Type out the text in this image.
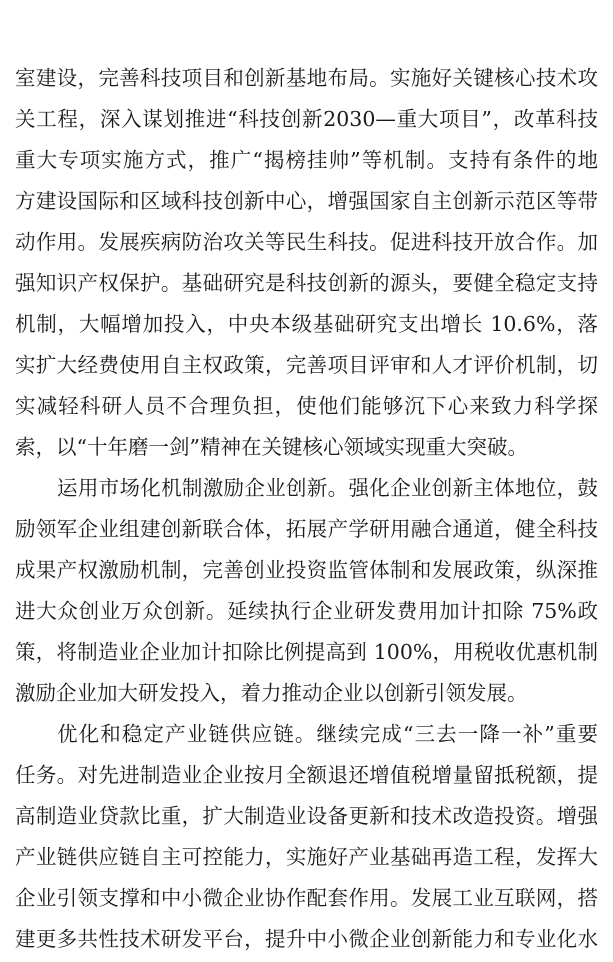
室建设，完善科技项目和创新基地布局。实施好关键核心技术攻
关工程，深入谋划推进“科技创新2030—重大项目”，改革科技
重大专项实施方式，推广“揭榜挂帅”等机制。支持有条件的地
方建设国际和区域科技创新中心，增强国家自主创新示范区等带
动作用。发展疾病防治攻关等民生科技。促进科技开放合作。加
强知识产权保护。基础研究是科技创新的源头，要健全稳定支持
机制，大幅增加投入，中央本级基础研究支出增长 10.6%，落
实扩大经费使用自主权政策，完善项目评审和人才评价机制，切
实减轻科研人员不合理负担，使他们能够沉下心来致力科学探
索，以“十年磨一剑”精神在关键核心领域实现重大突破。
运用市场化机制激励企业创新。强化企业创新主体地位，鼓
励领军企业组建创新联合体，拓展产学研用融合通道，健全科技
成果产权激励机制，完善创业投资监管体制和发展政策，纵深推
进大众创业万众创新。延续执行企业研发费用加计扣除 75%政
策，将制造业企业加计扣除比例提高到 100%，用税收优惠机制
激励企业加大研发投入，着力推动企业以创新引领发展。
优化和稳定产业链供应链。继续完成“三去一降一补”重要
任务。对先进制造业企业按月全额退还增值税增量留抵税额，提
高制造业贷款比重，扩大制造业设备更新和技术改造投资。增强
产业链供应链自主可控能力，实施好产业基础再造工程，发挥大
企业引领支撑和中小微企业协作配套作用。发展工业互联网，搭
建更多共性技术研发平台，提升中小微企业创新能力和专业化水
